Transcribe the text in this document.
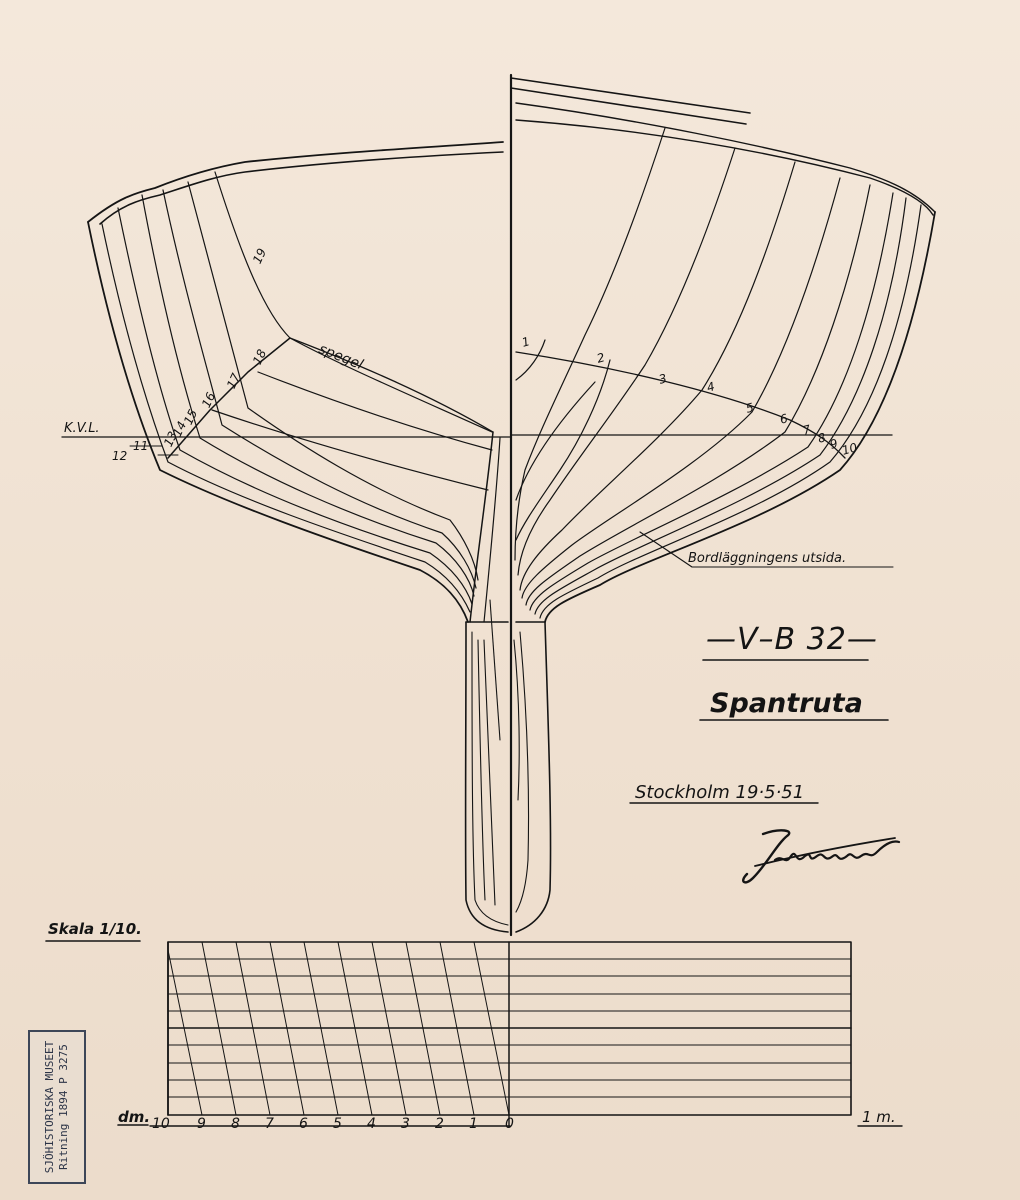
—V–B 32—
Spantruta
Stockholm 19·5·51
spegel
K.V.L.
Bordläggningens utsida.
1
2
3
4
5
6
7
8 9 10
11
12
13
14
15
16
17
18
19
Skala 1/10.
dm.	1 m.
10 9 8 7 6 5 4 3 2 1 0
SJÖHISTORISKA MUSEET Ritning 1894 P 3275
